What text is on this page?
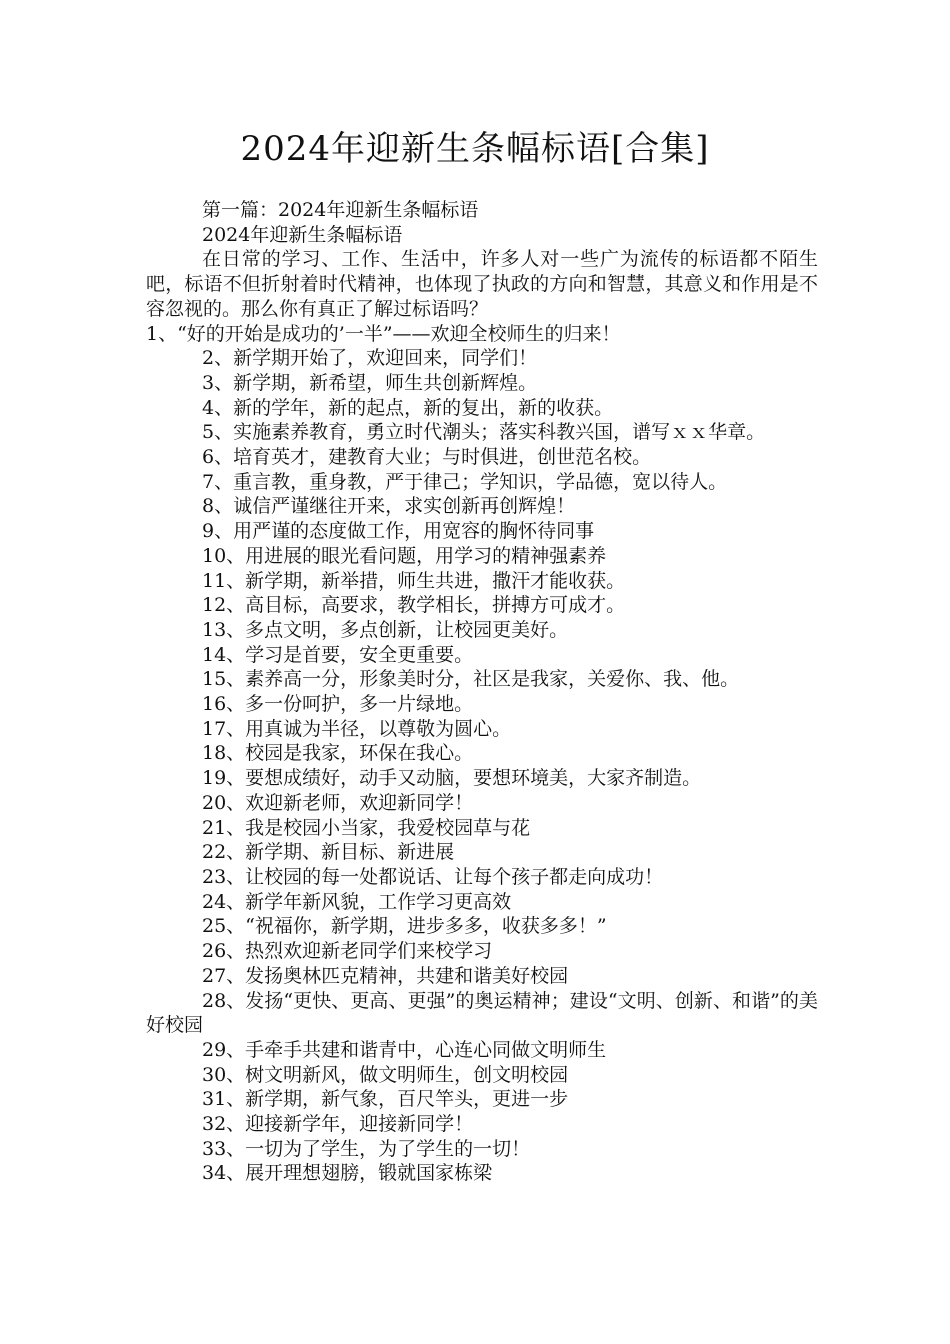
2024年迎新生条幅标语[合集]
第一篇：2024年迎新生条幅标语
2024年迎新生条幅标语
在日常的学习、工作、生活中，许多人对一些广为流传的标语都不陌生吧，标语不但折射着时代精神，也体现了执政的方向和智慧，其意义和作用是不容忽视的。那么你有真正了解过标语吗？
1、“好的开始是成功的’一半”——欢迎全校师生的归来！
2、新学期开始了，欢迎回来，同学们！
3、新学期，新希望，师生共创新辉煌。
4、新的学年，新的起点，新的复出，新的收获。
5、实施素养教育，勇立时代潮头；落实科教兴国，谱写ｘｘ华章。
6、培育英才，建教育大业；与时俱进，创世范名校。
7、重言教，重身教，严于律己；学知识，学品德，宽以待人。
8、诚信严谨继往开来，求实创新再创辉煌！
9、用严谨的态度做工作，用宽容的胸怀待同事
10、用进展的眼光看问题，用学习的精神强素养
11、新学期，新举措，师生共进，撒汗才能收获。
12、高目标，高要求，教学相长，拼搏方可成才。
13、多点文明，多点创新，让校园更美好。
14、学习是首要，安全更重要。
15、素养高一分，形象美时分，社区是我家，关爱你、我、他。
16、多一份呵护，多一片绿地。
17、用真诚为半径，以尊敬为圆心。
18、校园是我家，环保在我心。
19、要想成绩好，动手又动脑，要想环境美，大家齐制造。
20、欢迎新老师，欢迎新同学！
21、我是校园小当家，我爱校园草与花
22、新学期、新目标、新进展
23、让校园的每一处都说话、让每个孩子都走向成功！
24、新学年新风貌，工作学习更高效
25、“祝福你，新学期，进步多多，收获多多！”
26、热烈欢迎新老同学们来校学习
27、发扬奥林匹克精神，共建和谐美好校园
28、发扬“更快、更高、更强”的奥运精神；建设“文明、创新、和谐”的美好校园
29、手牵手共建和谐青中，心连心同做文明师生
30、树文明新风，做文明师生，创文明校园
31、新学期，新气象，百尺竿头，更进一步
32、迎接新学年，迎接新同学！
33、一切为了学生，为了学生的一切！
34、展开理想翅膀，锻就国家栋梁
